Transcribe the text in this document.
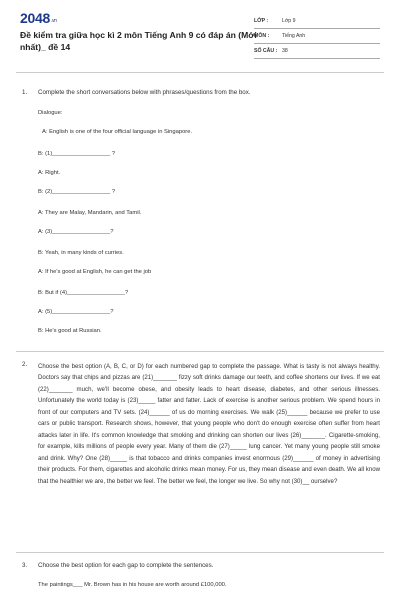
$2048^{.vn}$
Đề kiểm tra giữa học kì 2 môn Tiếng Anh 9 có đáp án (Mới nhất)_ đề 14
LỚP :	Lớp 9
MÔN :	Tiếng Anh
SỐ CÂU : 38
1. Complete the short conversations below with phrases/questions from the box.
Dialogue:
A: English is one of the four official language in Singapore.
B: (1)__________________ ?
A: Right.
B: (2)__________________ ?
A: They are Malay, Mandarin, and Tamil.
A: (3)__________________?
B: Yeah, in many kinds of curries.
A: If he's good at English, he can get the job
B: But if (4)__________________?
A: (5)__________________?
B: He's good at Russian.
2. Choose the best option (A, B, C, or D) for each numbered gap to complete the passage. What is tasty is not always healthy. Doctors say that chips and pizzas are (21)_______ fizzy soft drinks damage our teeth, and coffee shortens our lives. If we eat (22)_______ much, we'll become obese, and obesity leads to heart disease, diabetes, and other serious illnesses. Unfortunately the world today is (23)_____ fatter and fatter. Lack of exercise is another serious problem. We spend hours in front of our computers and TV sets. (24)______ of us do morning exercises. We walk (25)______ because we prefer to use cars or public transport. Research shows, however, that young people who don't do enough exercise often suffer from heart attacks later in life. It's common knowledge that smoking and drinking can shorten our lives (26)_______. Cigarette-smoking, for example, kills millions of people every year. Many of them die (27)_____ lung cancer. Yet many young people still smoke and drink. Why? One (28)_____ is that tobacco and drinks companies invest enormous (29)______ of money in advertising their products. For them, cigarettes and alcoholic drinks mean money. For us, they mean disease and even death. We all know that the healthier we are, the better we feel. The better we feel, the longer we live. So why not (30)__ ourselve?
3. Choose the best option for each gap to complete the sentences.
The paintings___ Mr. Brown has in his house are worth around £100,000.
